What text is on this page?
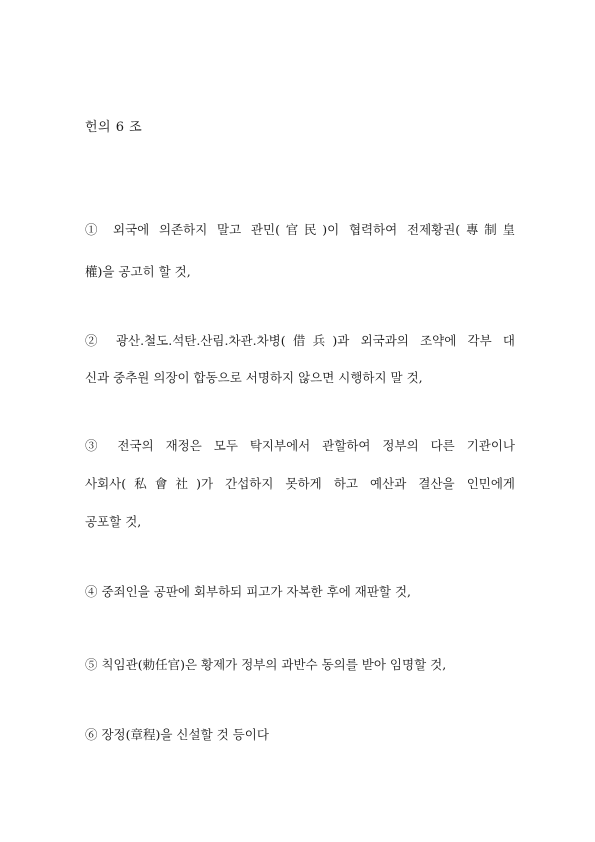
헌의 6 조
① 외국에 의존하지 말고 관민(官民)이 협력하여 전제황권(專制皇
權)을 공고히 할 것,
② 광산.철도.석탄.산림.차관.차병(借兵)과 외국과의 조약에 각부 대
신과 중추원 의장이 합동으로 서명하지 않으면 시행하지 말 것,
③ 전국의 재정은 모두 탁지부에서 관할하여 정부의 다른 기관이나
사회사(私會社)가 간섭하지 못하게 하고 예산과 결산을 인민에게
공포할 것,
④ 중죄인을 공판에 회부하되 피고가 자복한 후에 재판할 것,
⑤ 칙임관(勅任官)은 황제가 정부의 과반수 동의를 받아 임명할 것,
⑥ 장정(章程)을 신설할 것 등이다
